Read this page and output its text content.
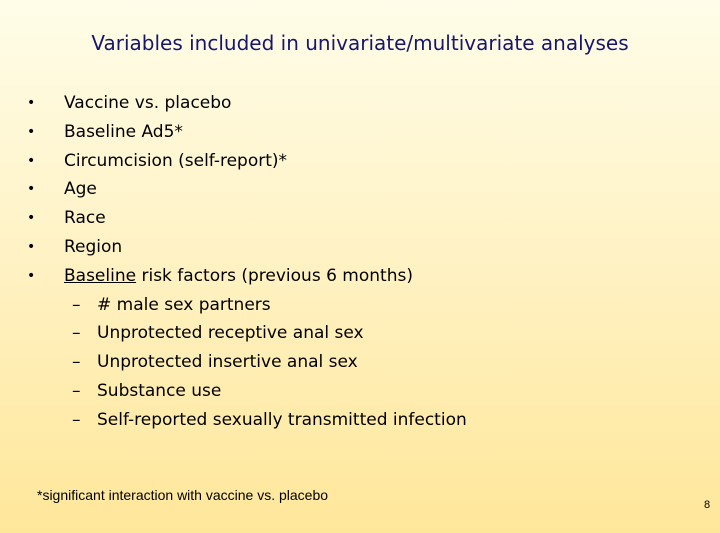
Variables included in univariate/multivariate analyses
• Vaccine vs. placebo
• Baseline Ad5*
• Circumcision (self-report)*
• Age
• Race
• Region
• Baseline risk factors (previous 6 months)
– # male sex partners
– Unprotected receptive anal sex
– Unprotected insertive anal sex
– Substance use
– Self-reported sexually transmitted infection
*significant interaction with vaccine vs. placebo
8
